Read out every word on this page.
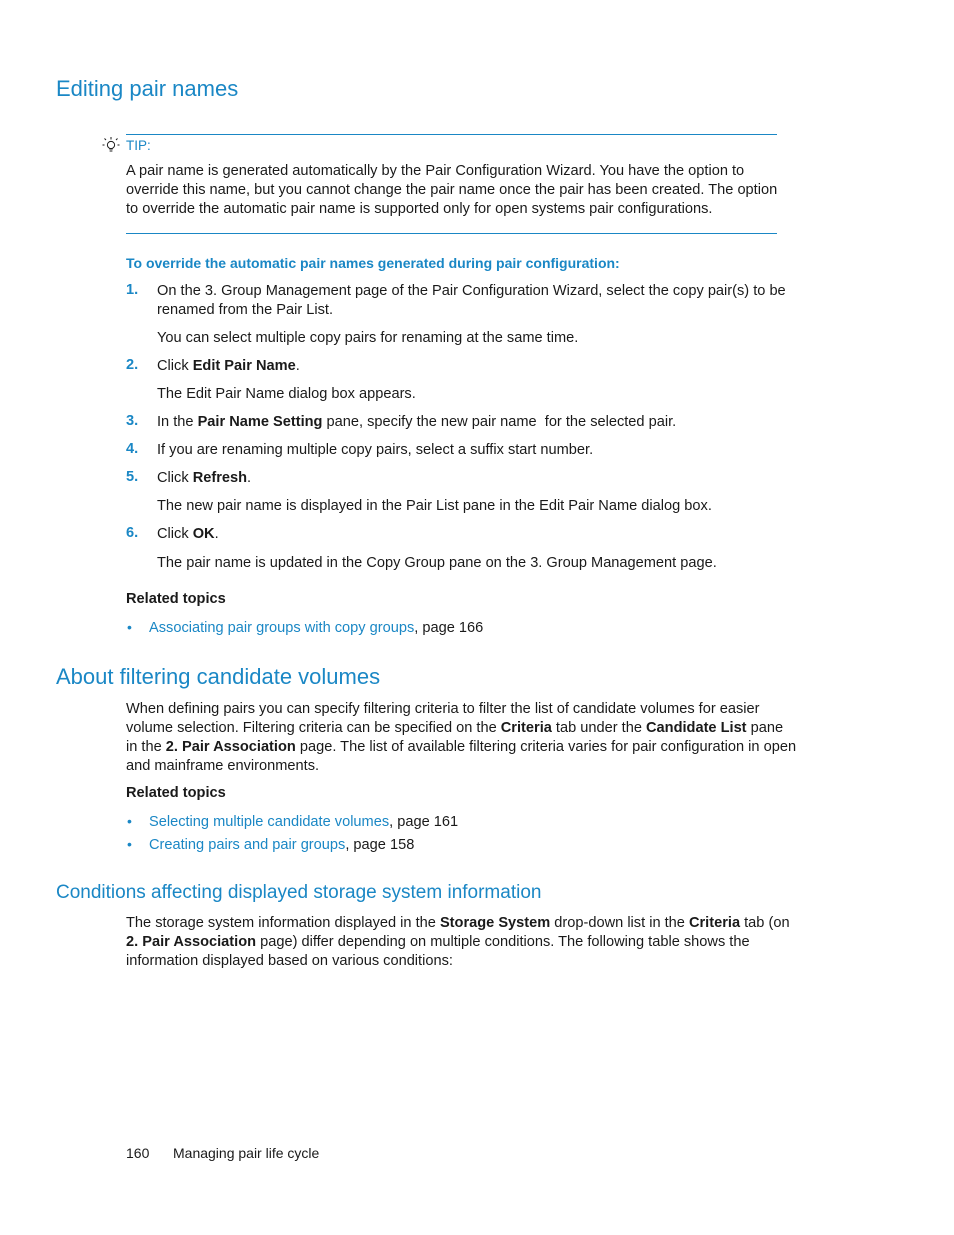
Editing pair names
TIP:
A pair name is generated automatically by the Pair Configuration Wizard. You have the option to override this name, but you cannot change the pair name once the pair has been created. The option to override the automatic pair name is supported only for open systems pair configurations.
To override the automatic pair names generated during pair configuration:
1. On the 3. Group Management page of the Pair Configuration Wizard, select the copy pair(s) to be renamed from the Pair List.
You can select multiple copy pairs for renaming at the same time.
2. Click Edit Pair Name.
The Edit Pair Name dialog box appears.
3. In the Pair Name Setting pane, specify the new pair name  for the selected pair.
4. If you are renaming multiple copy pairs, select a suffix start number.
5. Click Refresh.
The new pair name is displayed in the Pair List pane in the Edit Pair Name dialog box.
6. Click OK.
The pair name is updated in the Copy Group pane on the 3. Group Management page.
Related topics
• Associating pair groups with copy groups, page 166
About filtering candidate volumes
When defining pairs you can specify filtering criteria to filter the list of candidate volumes for easier volume selection. Filtering criteria can be specified on the Criteria tab under the Candidate List pane in the 2. Pair Association page. The list of available filtering criteria varies for pair configuration in open and mainframe environments.
Related topics
• Selecting multiple candidate volumes, page 161
• Creating pairs and pair groups, page 158
Conditions affecting displayed storage system information
The storage system information displayed in the Storage System drop-down list in the Criteria tab (on 2. Pair Association page) differ depending on multiple conditions. The following table shows the information displayed based on various conditions:
160 Managing pair life cycle
